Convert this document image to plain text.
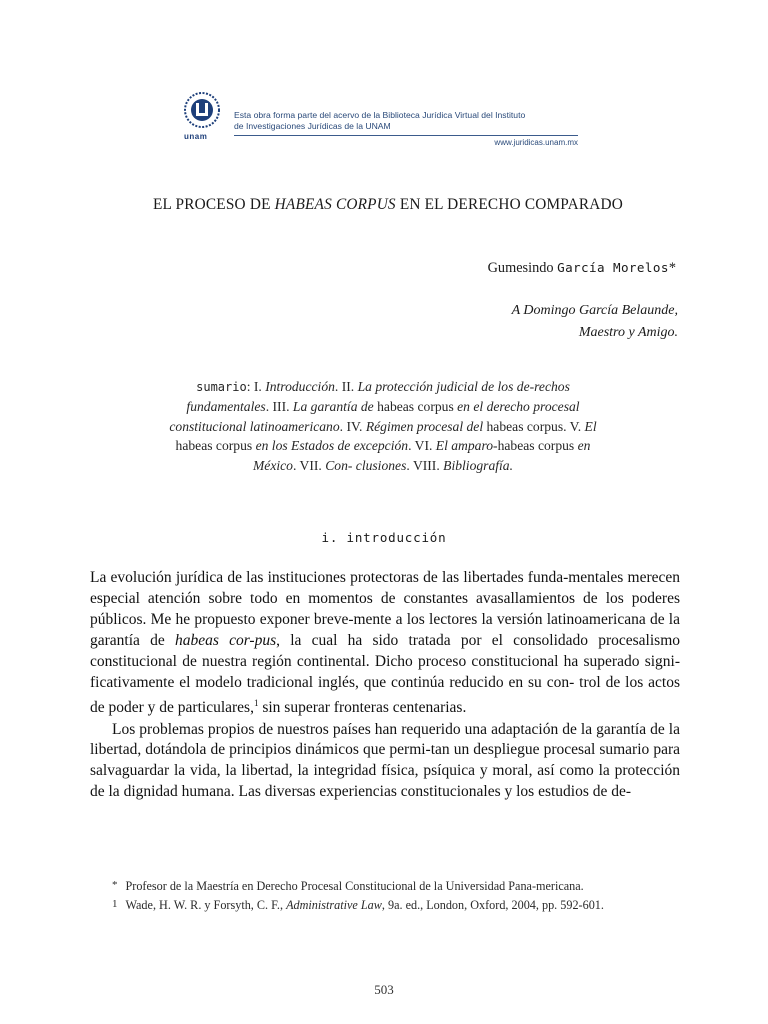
unam
Esta obra forma parte del acervo de la Biblioteca Jurídica Virtual del Instituto
de Investigaciones Jurídicas de la UNAM
www.juridicas.unam.mx
EL PROCESO DE HABEAS CORPUS EN EL DERECHO COMPARADO
Gumesindo García Morelos*
A Domingo García Belaunde,
Maestro y Amigo.
sumario: I. Introducción. II. La protección judicial de los de-rechos fundamentales. III. La garantía de habeas corpus en el derecho procesal constitucional latinoamericano. IV. Régimen procesal del habeas corpus. V. El habeas corpus en los Estados de excepción. VI. El amparo-habeas corpus en México. VII. Con- clusiones. VIII. Bibliografía.
i. introducción

La evolución jurídica de las instituciones protectoras de las libertades funda-mentales merecen especial atención sobre todo en momentos de constantes avasallamientos de los poderes públicos. Me he propuesto exponer breve-mente a los lectores la versión latinoamericana de la garantía de habeas cor-pus, la cual ha sido tratada por el consolidado procesalismo constitucional de nuestra región continental. Dicho proceso constitucional ha superado signi- ficativamente el modelo tradicional inglés, que continúa reducido en su con- trol de los actos de poder y de particulares,$^1$ sin superar fronteras centenarias.

Los problemas propios de nuestros países han requerido una adaptación de la garantía de la libertad, dotándola de principios dinámicos que permi-tan un despliegue procesal sumario para salvaguardar la vida, la libertad, la integridad física, psíquica y moral, así como la protección de la dignidad humana. Las diversas experiencias constitucionales y los estudios de de-

* Profesor de la Maestría en Derecho Procesal Constitucional de la Universidad Pana-mericana.

1 Wade, H. W. R. y Forsyth, C. F., Administrative Law, 9a. ed., London, Oxford, 2004, pp. 592-601.

503
